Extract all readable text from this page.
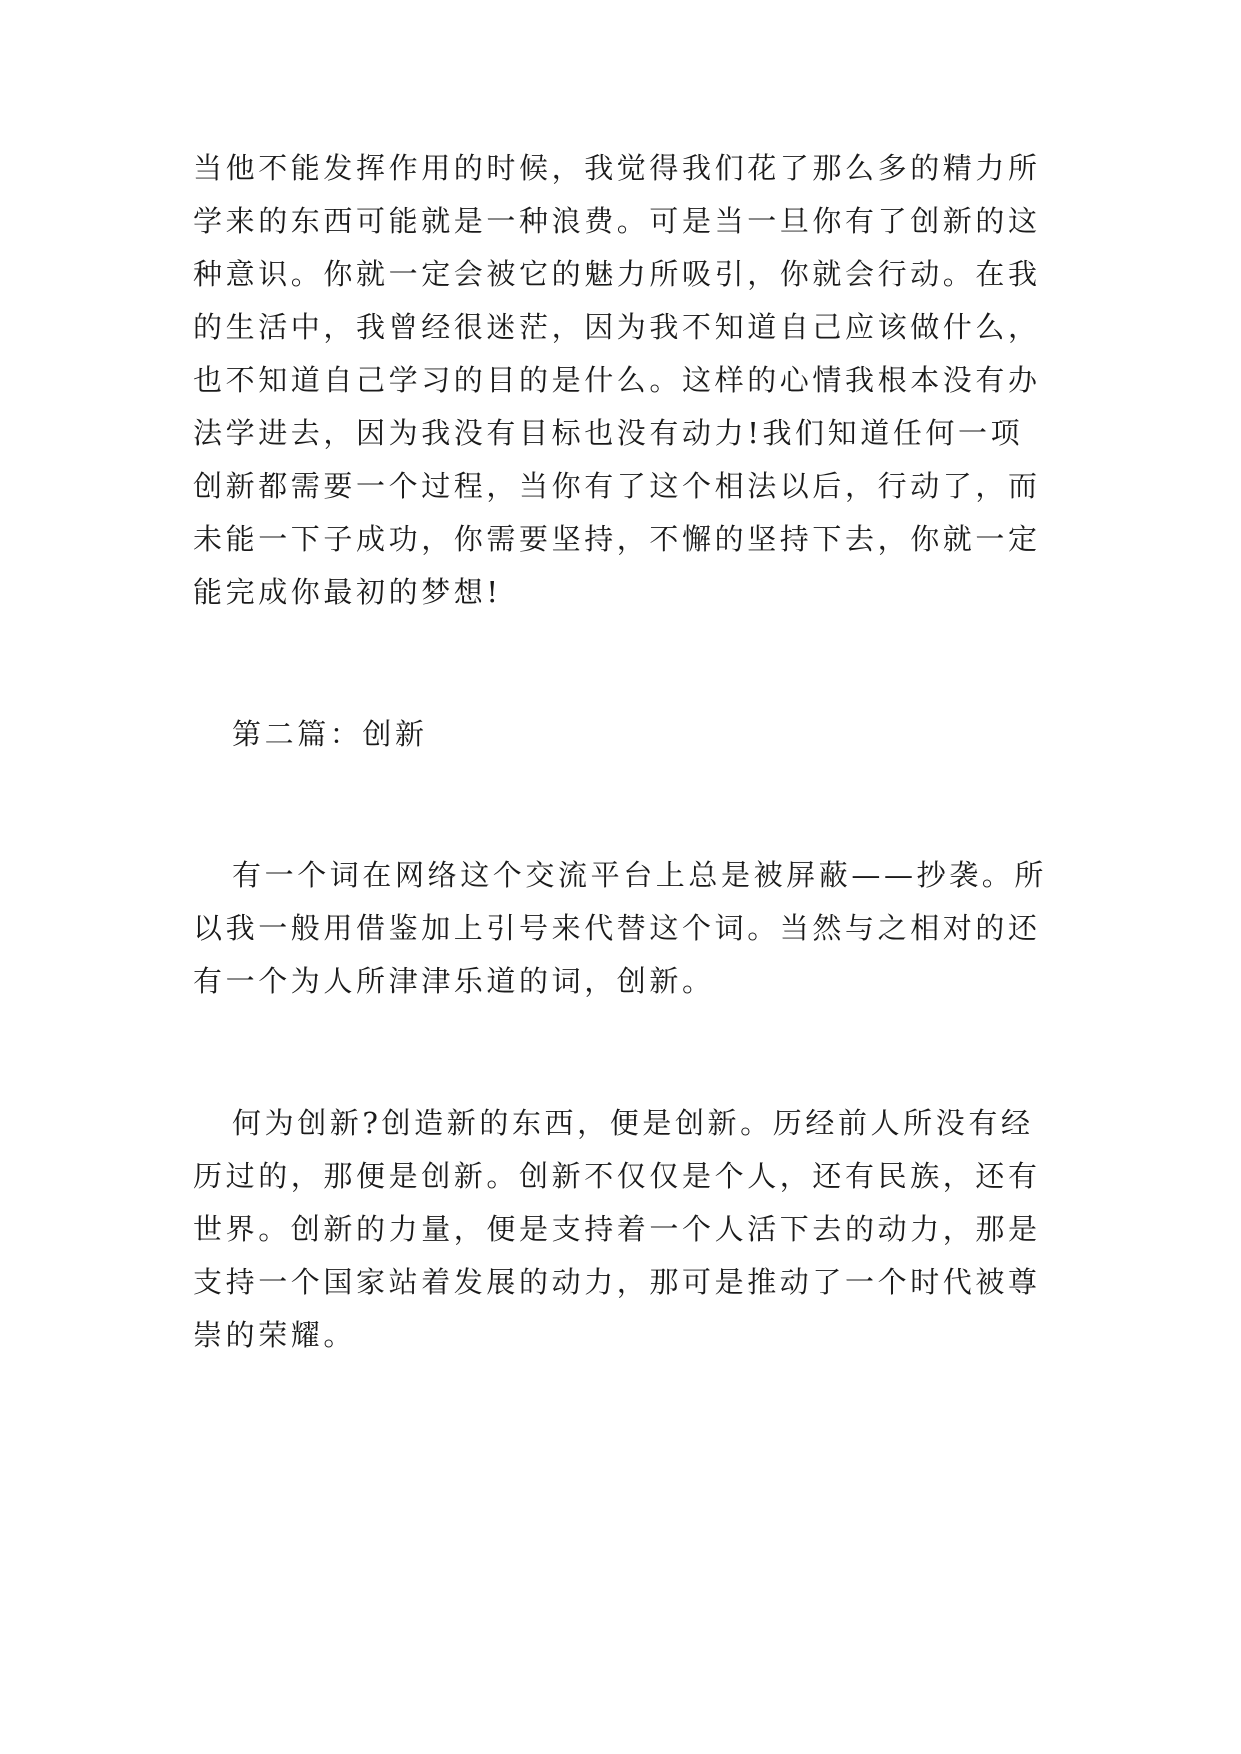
当他不能发挥作用的时候，我觉得我们花了那么多的精力所
学来的东西可能就是一种浪费。可是当一旦你有了创新的这
种意识。你就一定会被它的魅力所吸引，你就会行动。在我
的生活中，我曾经很迷茫，因为我不知道自己应该做什么，
也不知道自己学习的目的是什么。这样的心情我根本没有办
法学进去，因为我没有目标也没有动力!我们知道任何一项
创新都需要一个过程，当你有了这个相法以后，行动了，而
未能一下子成功，你需要坚持，不懈的坚持下去，你就一定
能完成你最初的梦想!
第二篇：创新
有一个词在网络这个交流平台上总是被屏蔽——抄袭。所
以我一般用借鉴加上引号来代替这个词。当然与之相对的还
有一个为人所津津乐道的词，创新。
何为创新?创造新的东西，便是创新。历经前人所没有经
历过的，那便是创新。创新不仅仅是个人，还有民族，还有
世界。创新的力量，便是支持着一个人活下去的动力，那是
支持一个国家站着发展的动力，那可是推动了一个时代被尊
崇的荣耀。
